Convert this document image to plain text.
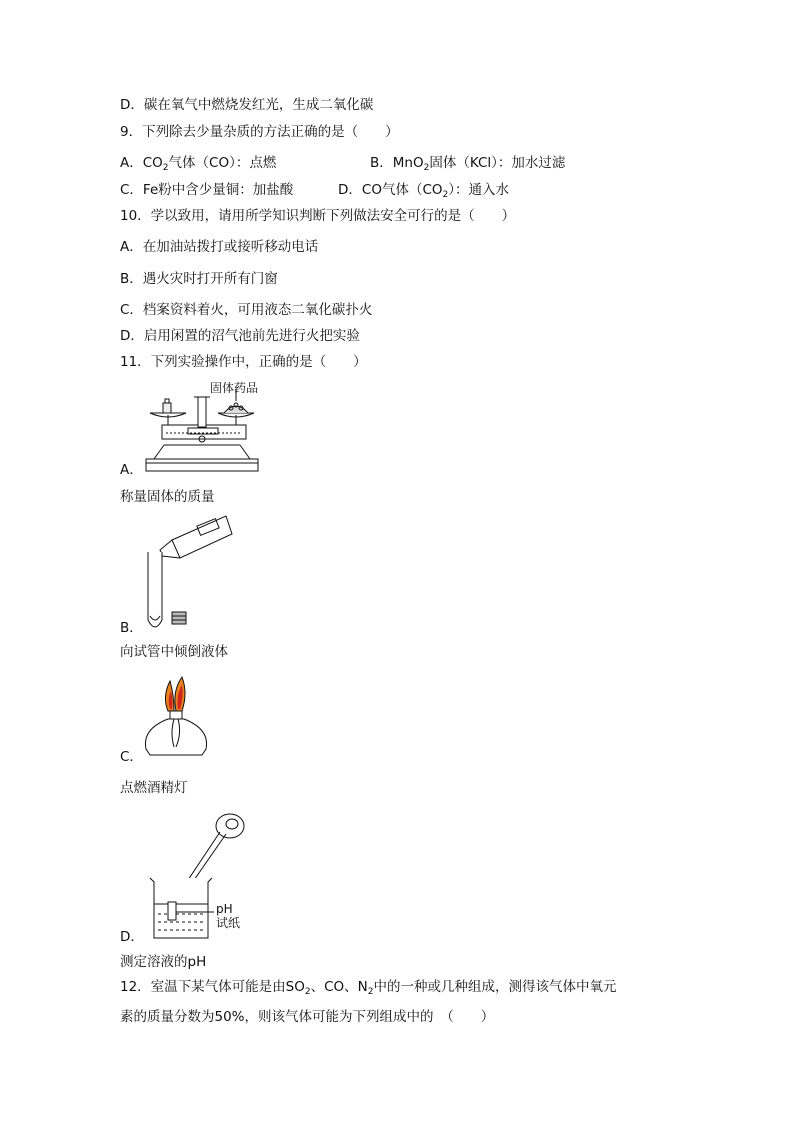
D．碳在氧气中燃烧发红光，生成二氧化碳
9．下列除去少量杂质的方法正确的是（　　）
A．$CO_2$气体（CO）：点燃	B．MnO$_2$固体（KCl）：加水过滤
C．Fe粉中含少量铜：加盐酸	D．CO气体$(CO_2)$：通入水
10．学以致用，请用所学知识判断下列做法安全可行的是（　　）
A．在加油站拨打或接听移动电话
B．遇火灾时打开所有门窗
C．档案资料着火，可用液态二氧化碳扑火
D．启用闲置的沼气池前先进行火把实验
11．下列实验操作中，正确的是（　　）
固体药品
A．
称量固体的质量
B．
向试管中倾倒液体
C．
点燃酒精灯
pH
试纸
D．
测定溶液的pH
12．室温下某气体可能是由$SO_2$、CO、$N_2$中的一种或几种组成，测得该气体中氧元
素的质量分数为50%，则该气体可能为下列组成中的　（　　）
